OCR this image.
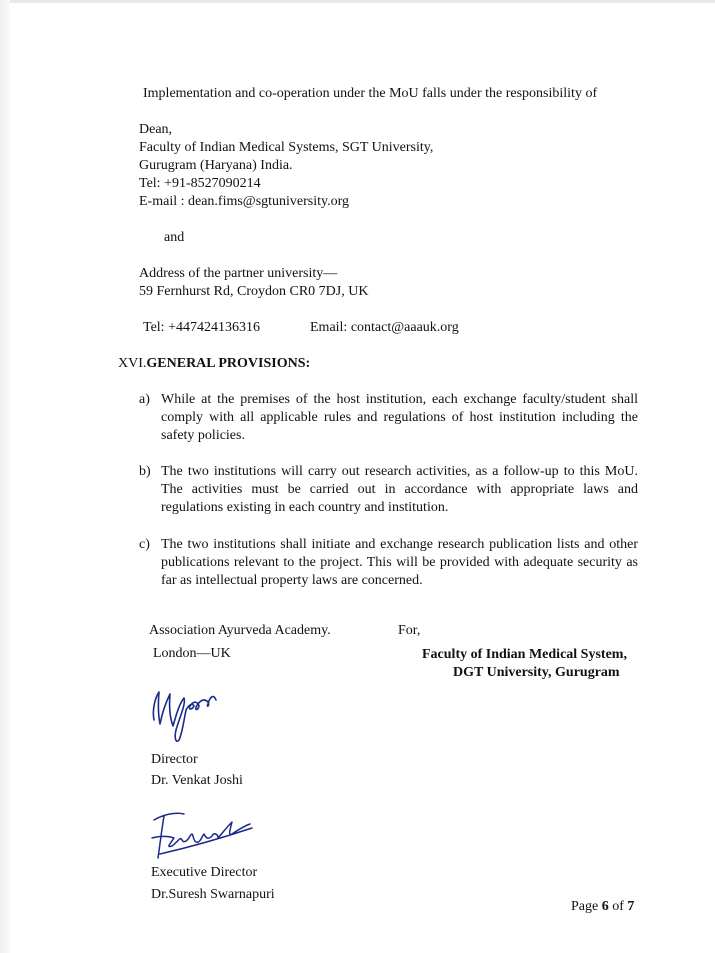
Implementation and co-operation under the MoU falls under the responsibility of
Dean,
Faculty of Indian Medical Systems, SGT University,
Gurugram (Haryana) India.
Tel: +91-8527090214
E-mail : dean.fims@sgtuniversity.org
and
Address of the partner university—
59 Fernhurst Rd, Croydon CR0 7DJ, UK
Tel: +447424136316	Email: contact@aaauk.org
XVI.GENERAL PROVISIONS:
a) While at the premises of the host institution, each exchange faculty/student shall comply with all applicable rules and regulations of host institution including the safety policies.
b) The two institutions will carry out research activities, as a follow-up to this MoU. The activities must be carried out in accordance with appropriate laws and regulations existing in each country and institution.
c) The two institutions shall initiate and exchange research publication lists and other publications relevant to the project. This will be provided with adequate security as far as intellectual property laws are concerned.
Association Ayurveda Academy.
London—UK
Director
Dr. Venkat Joshi
Executive Director
Dr.Suresh Swarnapuri
For,
Faculty of Indian Medical System,
DGT University, Gurugram
Page 6 of 7
